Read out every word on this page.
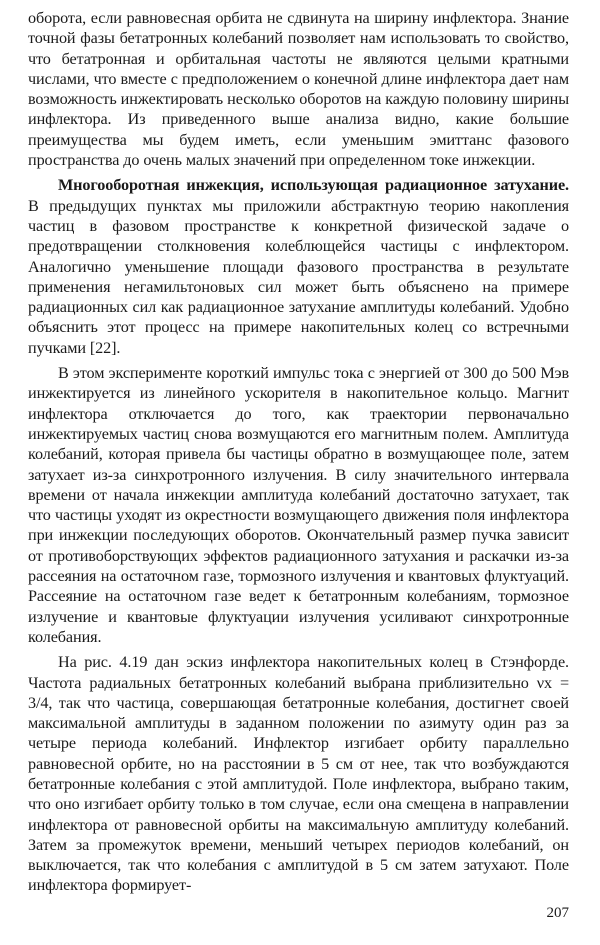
оборота, если равновесная орбита не сдвинута на ширину инфлектора. Знание точной фазы бетатронных колебаний позволяет нам использовать то свойство, что бетатронная и орбитальная частоты не являются целыми кратными числами, что вместе с предположением о конечной длине инфлектора дает нам возможность инжектировать несколько оборотов на каждую половину ширины инфлектора. Из приведенного выше анализа видно, какие большие преимущества мы будем иметь, если уменьшим эмиттанс фазового пространства до очень малых значений при определенном токе инжекции.

Многооборотная инжекция, использующая радиационное затухание. В предыдущих пунктах мы приложили абстрактную теорию накопления частиц в фазовом пространстве к конкретной физической задаче о предотвращении столкновения колеблющейся частицы с инфлектором. Аналогично уменьшение площади фазового пространства в результате применения негамильтоновых сил может быть объяснено на примере радиационных сил как радиационное затухание амплитуды колебаний. Удобно объяснить этот процесс на примере накопительных колец со встречными пучками [22].

В этом эксперименте короткий импульс тока с энергией от 300 до 500 Мэв инжектируется из линейного ускорителя в накопительное кольцо. Магнит инфлектора отключается до того, как траектории первоначально инжектируемых частиц снова возмущаются его магнитным полем. Амплитуда колебаний, которая привела бы частицы обратно в возмущающее поле, затем затухает из-за синхротронного излучения. В силу значительного интервала времени от начала инжекции амплитуда колебаний достаточно затухает, так что частицы уходят из окрестности возмущающего движения поля инфлектора при инжекции последующих оборотов. Окончательный размер пучка зависит от противоборствующих эффектов радиационного затухания и раскачки из-за рассеяния на остаточном газе, тормозного излучения и квантовых флуктуаций. Рассеяние на остаточном газе ведет к бетатронным колебаниям, тормозное излучение и квантовые флуктуации излучения усиливают синхротронные колебания.

На рис. 4.19 дан эскиз инфлектора накопительных колец в Стэнфорде. Частота радиальных бетатронных колебаний выбрана приблизительно νx = 3/4, так что частица, совершающая бетатронные колебания, достигнет своей максимальной амплитуды в заданном положении по азимуту один раз за четыре периода колебаний. Инфлектор изгибает орбиту параллельно равновесной орбите, но на расстоянии в 5 см от нее, так что возбуждаются бетатронные колебания с этой амплитудой. Поле инфлектора, выбрано таким, что оно изгибает орбиту только в том случае, если она смещена в направлении инфлектора от равновесной орбиты на максимальную амплитуду колебаний. Затем за промежуток времени, меньший четырех периодов колебаний, он выключается, так что колебания с амплитудой в 5 см затем затухают. Поле инфлектора формирует-

207
